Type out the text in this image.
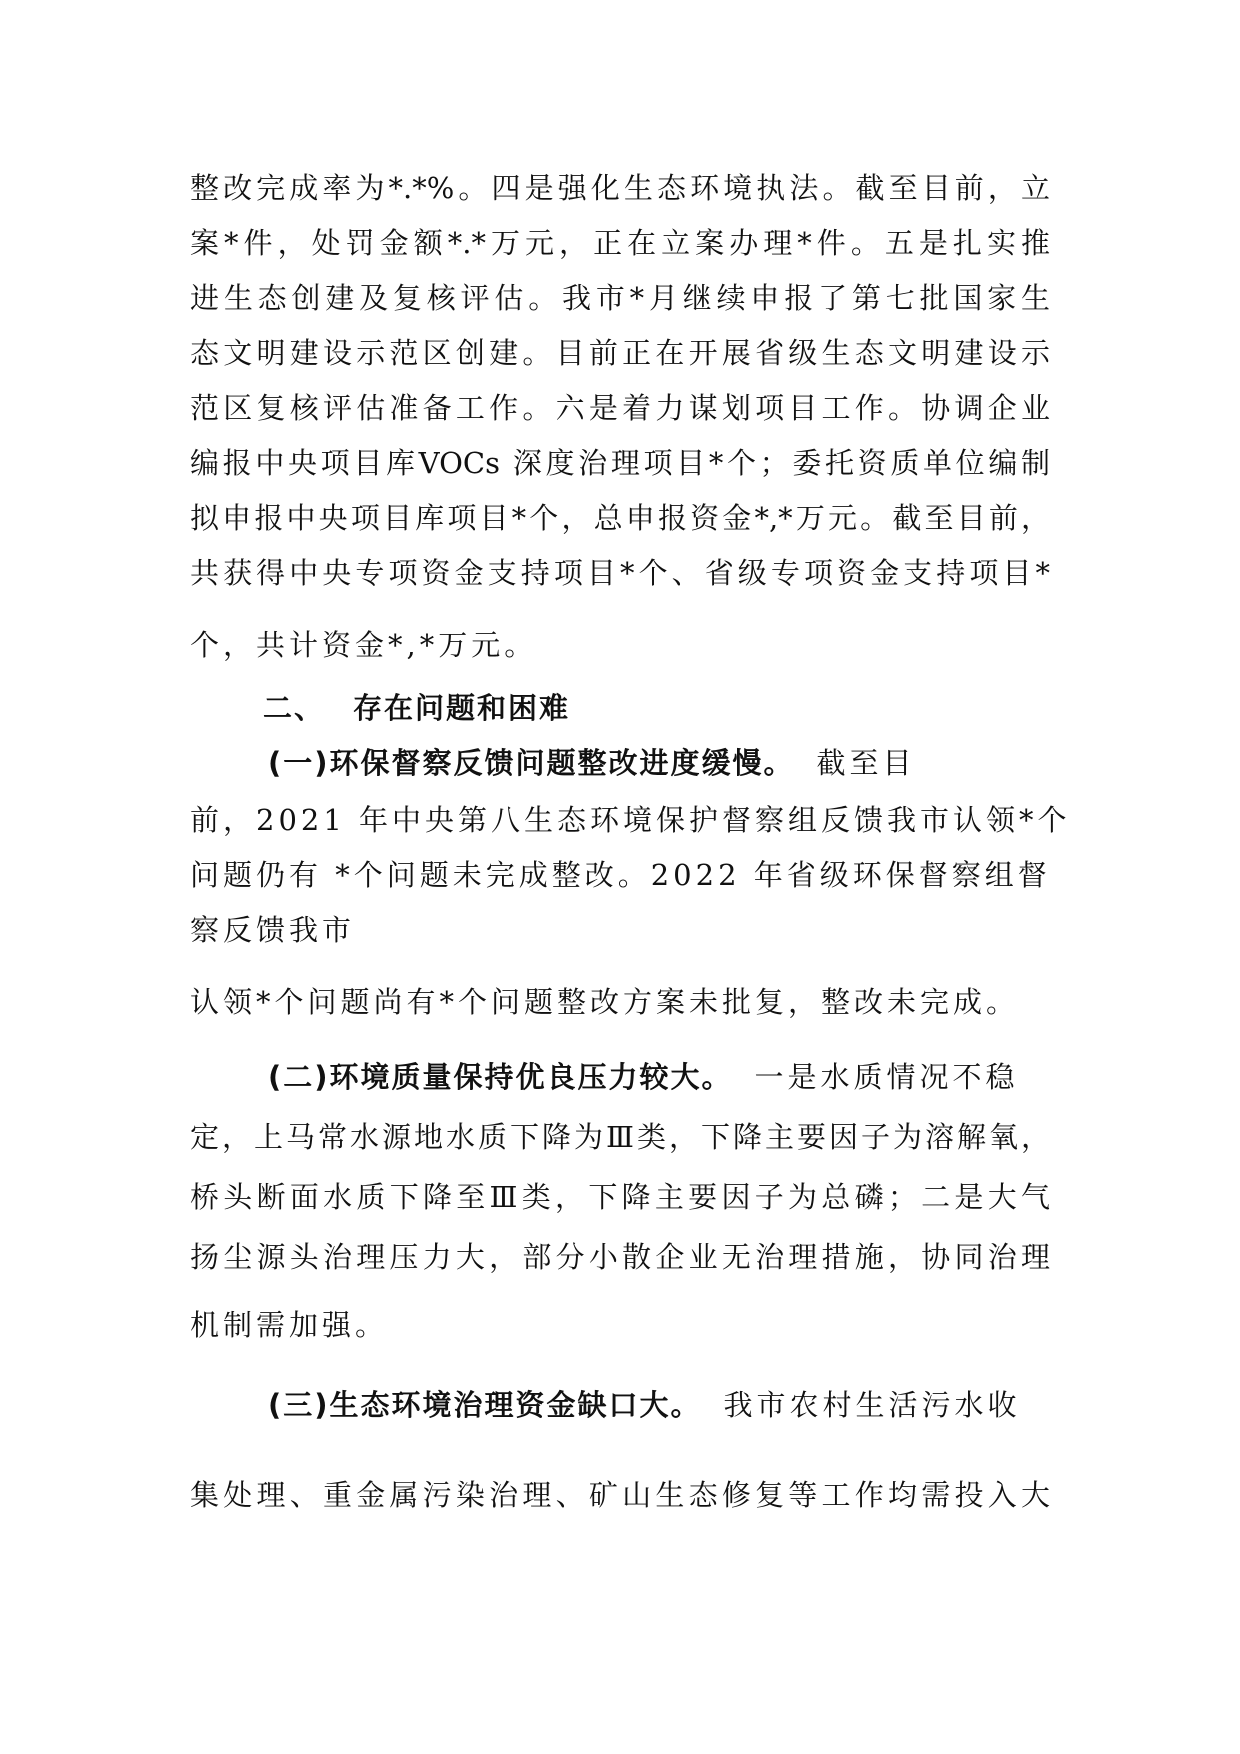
整改完成率为*.*%。四是强化生态环境执法。截至目前，立
案*件，处罚金额*.*万元，正在立案办理*件。五是扎实推
进生态创建及复核评估。我市*月继续申报了第七批国家生
态文明建设示范区创建。目前正在开展省级生态文明建设示
范区复核评估准备工作。六是着力谋划项目工作。协调企业
编报中央项目库VOCs 深度治理项目*个；委托资质单位编制
拟申报中央项目库项目*个，总申报资金*,*万元。截至目前，
共获得中央专项资金支持项目*个、省级专项资金支持项目*
个，共计资金*,*万元。
二、 存在问题和困难
(一)环保督察反馈问题整改进度缓慢。 截至目
前，2021 年中央第八生态环境保护督察组反馈我市认领*个
问题仍有 *个问题未完成整改。2022 年省级环保督察组督
察反馈我市
认领*个问题尚有*个问题整改方案未批复，整改未完成。
(二)环境质量保持优良压力较大。 一是水质情况不稳
定，上马常水源地水质下降为Ⅲ类，下降主要因子为溶解氧，
桥头断面水质下降至Ⅲ类，下降主要因子为总磷；二是大气
扬尘源头治理压力大，部分小散企业无治理措施，协同治理
机制需加强。
(三)生态环境治理资金缺口大。 我市农村生活污水收
集处理、重金属污染治理、矿山生态修复等工作均需投入大
